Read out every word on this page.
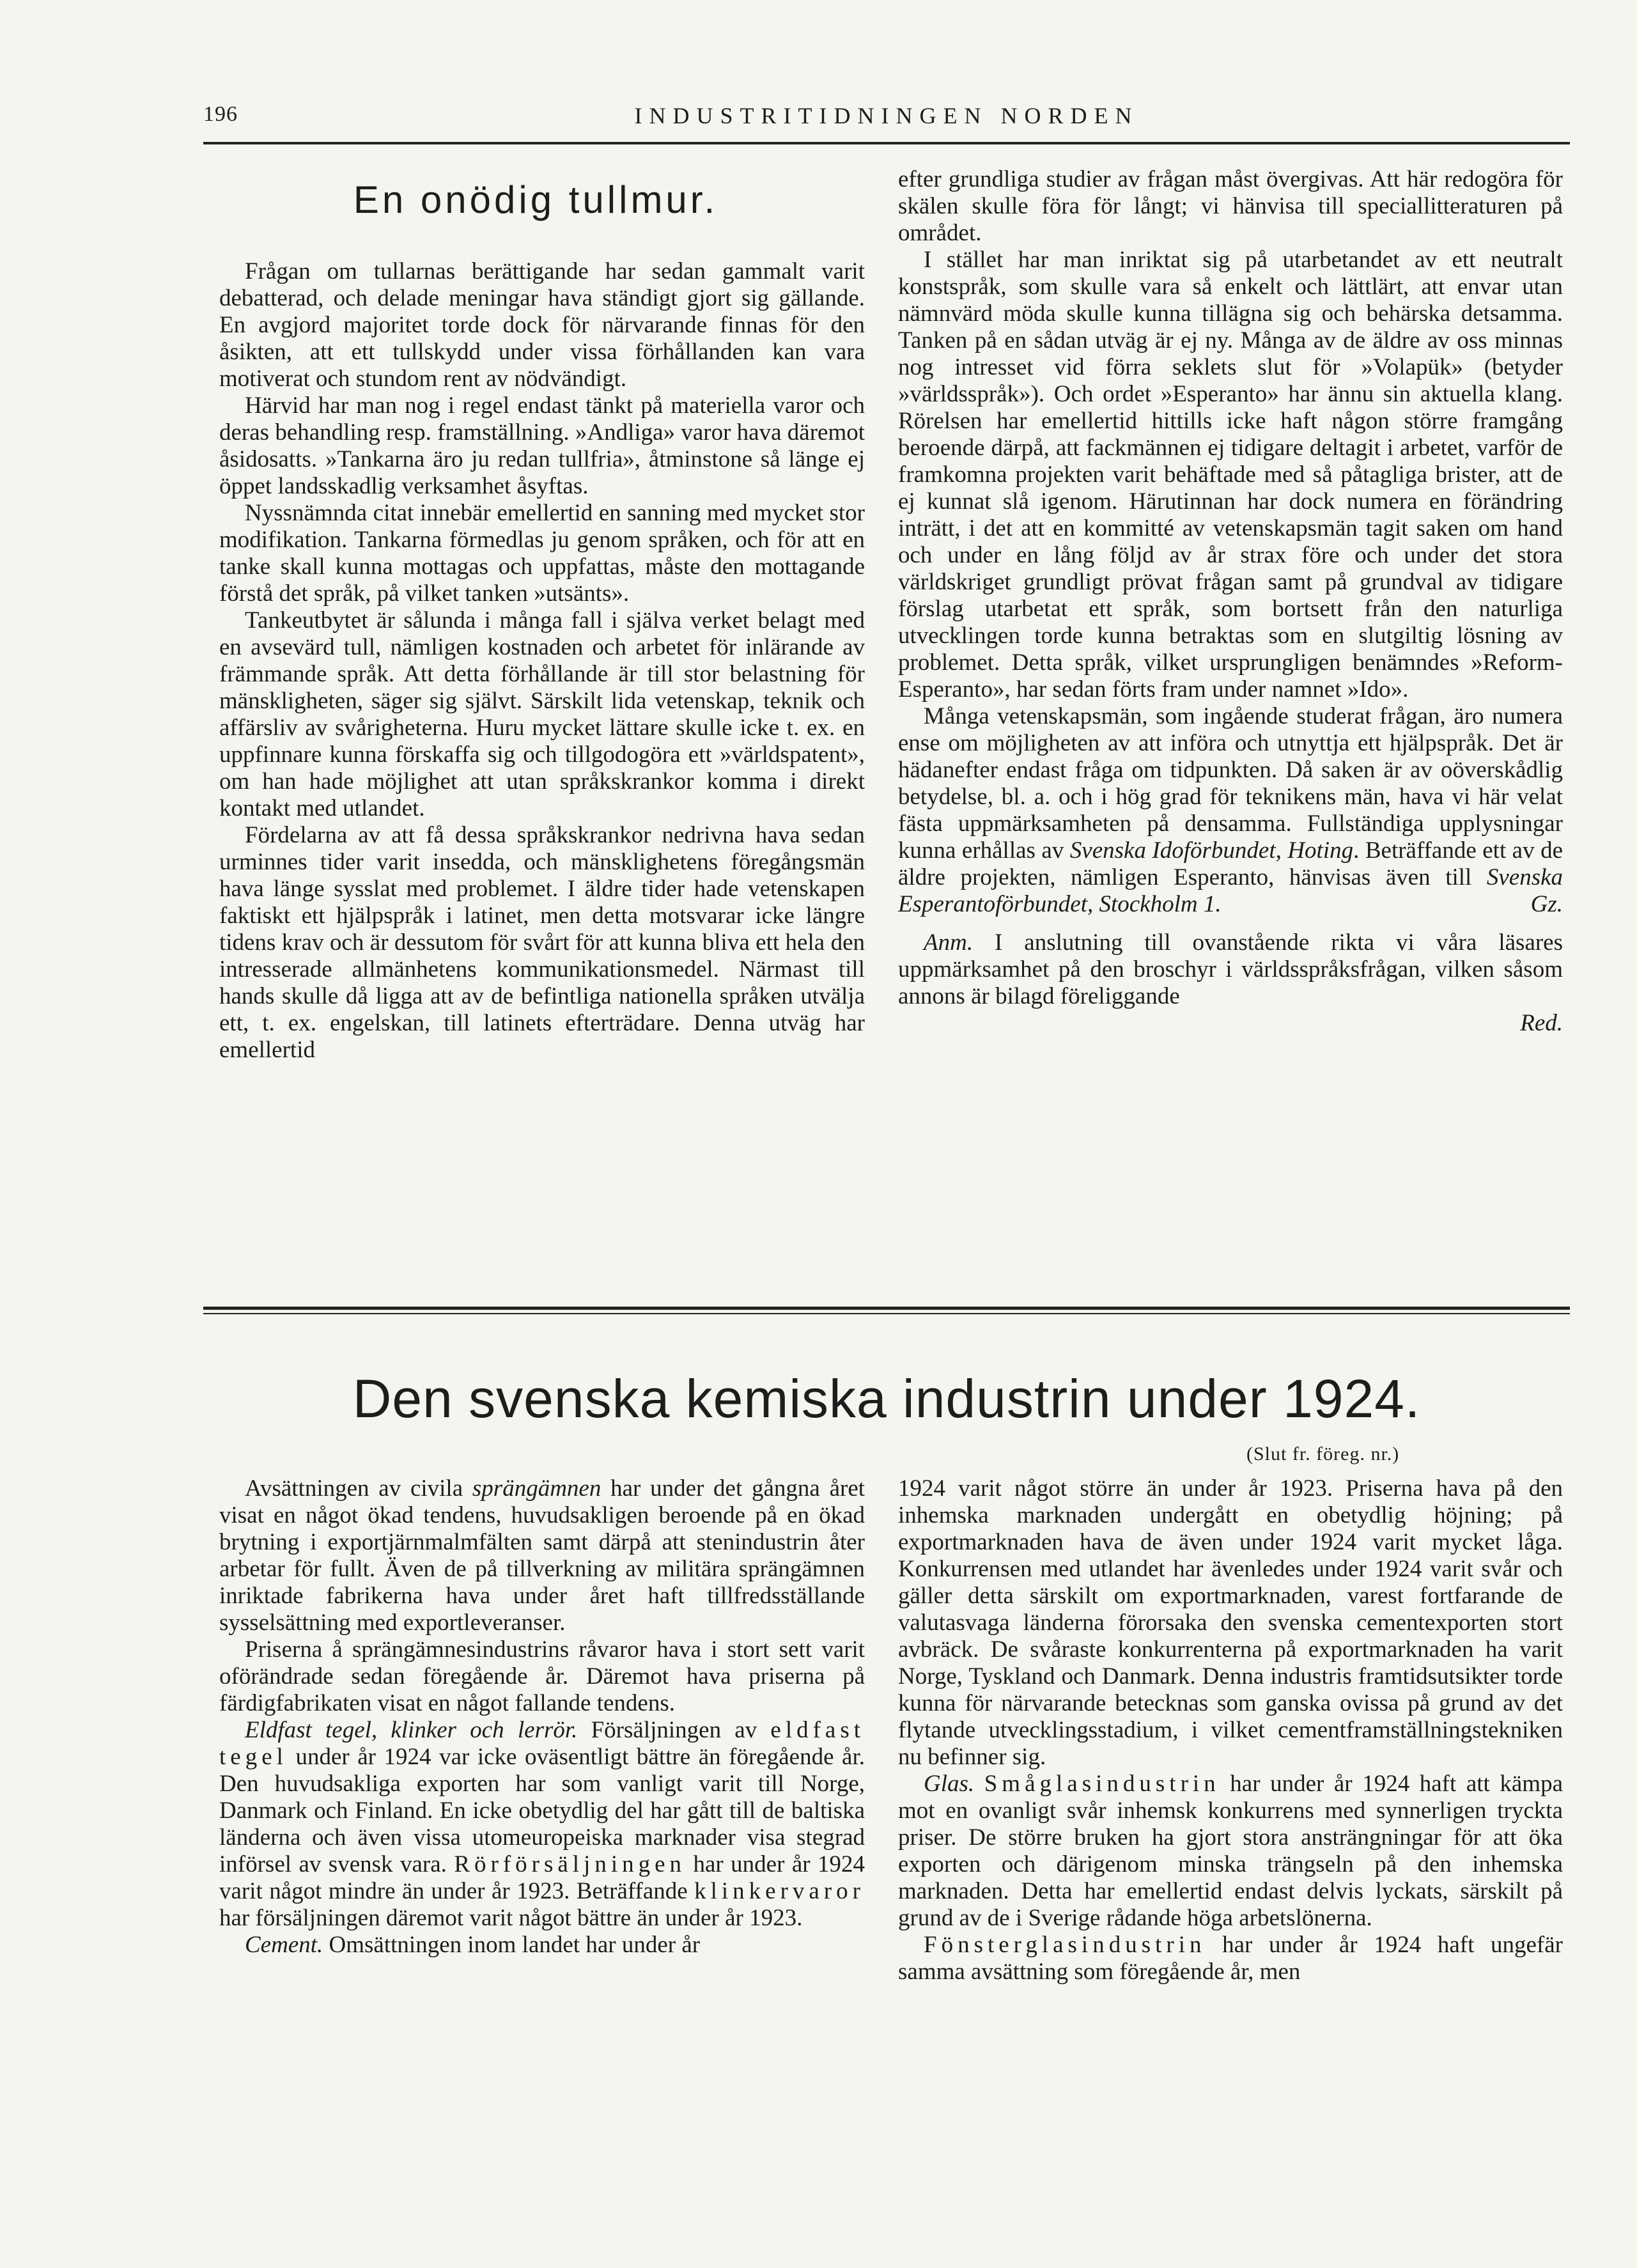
196	INDUSTRITIDNINGEN NORDEN
En onödig tullmur.

Frågan om tullarnas berättigande har sedan gammalt varit debatterad, och delade meningar hava ständigt gjort sig gällande. En avgjord majoritet torde dock för närvarande finnas för den åsikten, att ett tullskydd under vissa förhållanden kan vara motiverat och stundom rent av nödvändigt.

Härvid har man nog i regel endast tänkt på materiella varor och deras behandling resp. framställning. »Andliga» varor hava däremot åsidosatts. »Tankarna äro ju redan tullfria», åtminstone så länge ej öppet landsskadlig verksamhet åsyftas.

Nyssnämnda citat innebär emellertid en sanning med mycket stor modifikation. Tankarna förmedlas ju genom språken, och för att en tanke skall kunna mottagas och uppfattas, måste den mottagande förstå det språk, på vilket tanken »utsänts».

Tankeutbytet är sålunda i många fall i själva verket belagt med en avsevärd tull, nämligen kostnaden och arbetet för inlärande av främmande språk. Att detta förhållande är till stor belastning för mänskligheten, säger sig självt. Särskilt lida vetenskap, teknik och affärsliv av svårigheterna. Huru mycket lättare skulle icke t. ex. en uppfinnare kunna förskaffa sig och tillgodogöra ett »världspatent», om han hade möjlighet att utan språkskrankor komma i direkt kontakt med utlandet.

Fördelarna av att få dessa språkskrankor nedrivna hava sedan urminnes tider varit insedda, och mänsklighetens föregångsmän hava länge sysslat med problemet. I äldre tider hade vetenskapen faktiskt ett hjälpspråk i latinet, men detta motsvarar icke längre tidens krav och är dessutom för svårt för att kunna bliva ett hela den intresserade allmänhetens kommunikationsmedel. Närmast till hands skulle då ligga att av de befintliga nationella språken utvälja ett, t. ex. engelskan, till latinets efterträdare. Denna utväg har emellertid

efter grundliga studier av frågan måst övergivas. Att här redogöra för skälen skulle föra för långt; vi hänvisa till speciallitteraturen på området.

I stället har man inriktat sig på utarbetandet av ett neutralt konstspråk, som skulle vara så enkelt och lättlärt, att envar utan nämnvärd möda skulle kunna tillägna sig och behärska detsamma. Tanken på en sådan utväg är ej ny. Många av de äldre av oss minnas nog intresset vid förra seklets slut för »Volapük» (betyder »världsspråk»). Och ordet »Esperanto» har ännu sin aktuella klang. Rörelsen har emellertid hittills icke haft någon större framgång beroende därpå, att fackmännen ej tidigare deltagit i arbetet, varför de framkomna projekten varit behäftade med så påtagliga brister, att de ej kunnat slå igenom. Härutinnan har dock numera en förändring inträtt, i det att en kommitté av vetenskapsmän tagit saken om hand och under en lång följd av år strax före och under det stora världskriget grundligt prövat frågan samt på grundval av tidigare förslag utarbetat ett språk, som bortsett från den naturliga utvecklingen torde kunna betraktas som en slutgiltig lösning av problemet. Detta språk, vilket ursprungligen benämndes »Reform-Esperanto», har sedan förts fram under namnet »Ido».

Många vetenskapsmän, som ingående studerat frågan, äro numera ense om möjligheten av att införa och utnyttja ett hjälpspråk. Det är hädanefter endast fråga om tidpunkten. Då saken är av oöverskådlig betydelse, bl. a. och i hög grad för teknikens män, hava vi här velat fästa uppmärksamheten på densamma. Fullständiga upplysningar kunna erhållas av Svenska Idoförbundet, Hoting. Beträffande ett av de äldre projekten, nämligen Esperanto, hänvisas även till Svenska Esperantoförbundet, Stockholm 1.	Gz.

Anm. I anslutning till ovanstående rikta vi våra läsares uppmärksamhet på den broschyr i världsspråksfrågan, vilken såsom annons är bilagd föreliggande

Red.

Den svenska kemiska industrin under 1924.
(Slut fr. föreg. nr.)

Avsättningen av civila sprängämnen har under det gångna året visat en något ökad tendens, huvudsakligen beroende på en ökad brytning i exportjärnmalmfälten samt därpå att stenindustrin åter arbetar för fullt. Även de på tillverkning av militära sprängämnen inriktade fabrikerna hava under året haft tillfredsställande sysselsättning med exportleveranser.

Priserna å sprängämnesindustrins råvaror hava i stort sett varit oförändrade sedan föregående år. Däremot hava priserna på färdigfabrikaten visat en något fallande tendens.

Eldfast tegel, klinker och lerrör. Försäljningen av eldfast tegel under år 1924 var icke oväsentligt bättre än föregående år. Den huvudsakliga exporten har som vanligt varit till Norge, Danmark och Finland. En icke obetydlig del har gått till de baltiska länderna och även vissa utomeuropeiska marknader visa stegrad införsel av svensk vara. Rörförsäljningen har under år 1924 varit något mindre än under år 1923. Beträffande klinkervaror har försäljningen däremot varit något bättre än under år 1923.

Cement. Omsättningen inom landet har under år

1924 varit något större än under år 1923. Priserna hava på den inhemska marknaden undergått en obetydlig höjning; på exportmarknaden hava de även under 1924 varit mycket låga. Konkurrensen med utlandet har ävenledes under 1924 varit svår och gäller detta särskilt om exportmarknaden, varest fortfarande de valutasvaga länderna förorsaka den svenska cementexporten stort avbräck. De svåraste konkurrenterna på exportmarknaden ha varit Norge, Tyskland och Danmark. Denna industris framtidsutsikter torde kunna för närvarande betecknas som ganska ovissa på grund av det flytande utvecklingsstadium, i vilket cementframställningstekniken nu befinner sig.

Glas. Småglasindustrin har under år 1924 haft att kämpa mot en ovanligt svår inhemsk konkurrens med synnerligen tryckta priser. De större bruken ha gjort stora ansträngningar för att öka exporten och därigenom minska trängseln på den inhemska marknaden. Detta har emellertid endast delvis lyckats, särskilt på grund av de i Sverige rådande höga arbetslönerna.

Fönsterglasindustrin har under år 1924 haft ungefär samma avsättning som föregående år, men
